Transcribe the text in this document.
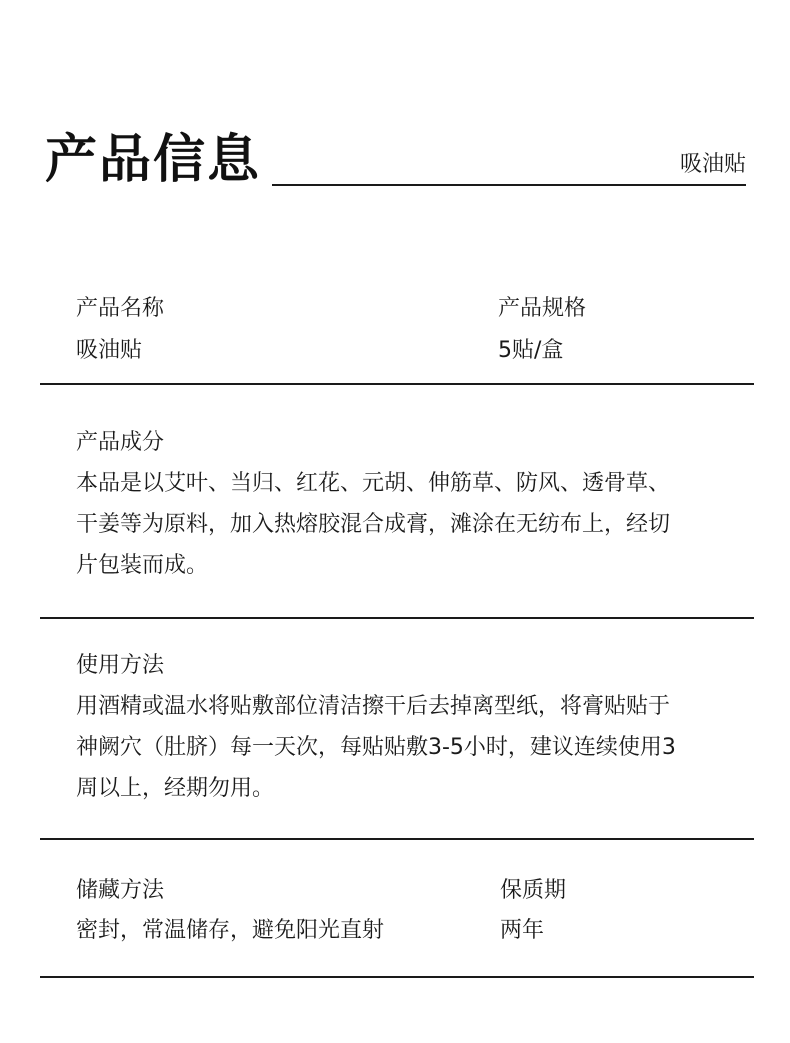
产品信息	吸油贴
产品名称
吸油贴
产品规格
5贴/盒
产品成分
本品是以艾叶、当归、红花、元胡、伸筋草、防风、透骨草、
干姜等为原料，加入热熔胶混合成膏，滩涂在无纺布上，经切
片包装而成。
使用方法
用酒精或温水将贴敷部位清洁擦干后去掉离型纸，将膏贴贴于
神阙穴（肚脐）每一天次，每贴贴敷3-5小时，建议连续使用3
周以上，经期勿用。
储藏方法
密封，常温储存，避免阳光直射
保质期
两年
